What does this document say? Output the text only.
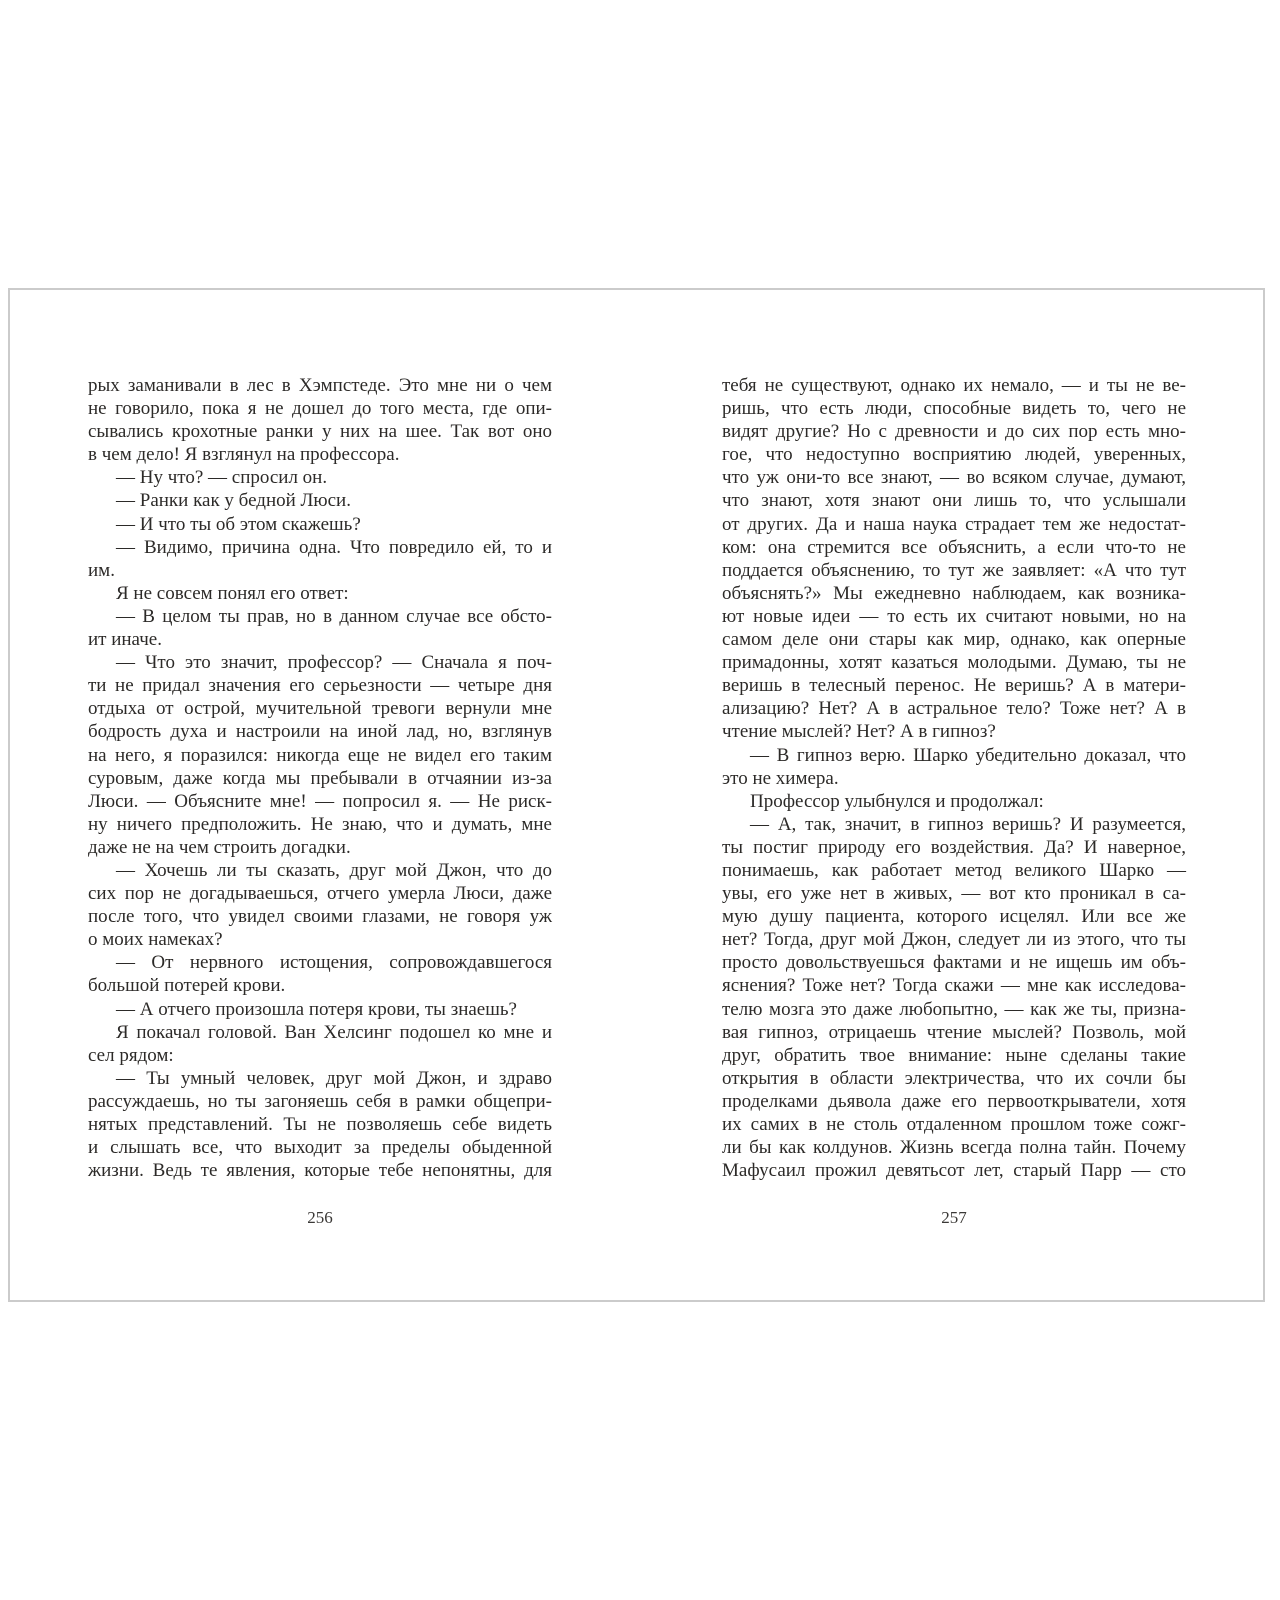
рых заманивали в лес в Хэмпстеде. Это мне ни о чем
не говорило, пока я не дошел до того места, где опи-
сывались крохотные ранки у них на шее. Так вот оно
в чем дело! Я взглянул на профессора.
— Ну что? — спросил он.
— Ранки как у бедной Люси.
— И что ты об этом скажешь?
— Видимо, причина одна. Что повредило ей, то и
им.
Я не совсем понял его ответ:
— В целом ты прав, но в данном случае все обсто-
ит иначе.
— Что это значит, профессор? — Сначала я поч-
ти не придал значения его серьезности — четыре дня
отдыха от острой, мучительной тревоги вернули мне
бодрость духа и настроили на иной лад, но, взглянув
на него, я поразился: никогда еще не видел его таким
суровым, даже когда мы пребывали в отчаянии из-за
Люси. — Объясните мне! — попросил я. — Не риск-
ну ничего предположить. Не знаю, что и думать, мне
даже не на чем строить догадки.
— Хочешь ли ты сказать, друг мой Джон, что до
сих пор не догадываешься, отчего умерла Люси, даже
после того, что увидел своими глазами, не говоря уж
о моих намеках?
— От нервного истощения, сопровождавшегося
большой потерей крови.
— А отчего произошла потеря крови, ты знаешь?
Я покачал головой. Ван Хелсинг подошел ко мне и
сел рядом:
— Ты умный человек, друг мой Джон, и здраво
рассуждаешь, но ты загоняешь себя в рамки общепри-
нятых представлений. Ты не позволяешь себе видеть
и слышать все, что выходит за пределы обыденной
жизни. Ведь те явления, которые тебе непонятны, для
тебя не существуют, однако их немало, — и ты не ве-
ришь, что есть люди, способные видеть то, чего не
видят другие? Но с древности и до сих пор есть мно-
гое, что недоступно восприятию людей, уверенных,
что уж они-то все знают, — во всяком случае, думают,
что знают, хотя знают они лишь то, что услышали
от других. Да и наша наука страдает тем же недостат-
ком: она стремится все объяснить, а если что-то не
поддается объяснению, то тут же заявляет: «А что тут
объяснять?» Мы ежедневно наблюдаем, как возника-
ют новые идеи — то есть их считают новыми, но на
самом деле они стары как мир, однако, как оперные
примадонны, хотят казаться молодыми. Думаю, ты не
веришь в телесный перенос. Не веришь? А в матери-
ализацию? Нет? А в астральное тело? Тоже нет? А в
чтение мыслей? Нет? А в гипноз?
— В гипноз верю. Шарко убедительно доказал, что
это не химера.
Профессор улыбнулся и продолжал:
— А, так, значит, в гипноз веришь? И разумеется,
ты постиг природу его воздействия. Да? И наверное,
понимаешь, как работает метод великого Шарко —
увы, его уже нет в живых, — вот кто проникал в са-
мую душу пациента, которого исцелял. Или все же
нет? Тогда, друг мой Джон, следует ли из этого, что ты
просто довольствуешься фактами и не ищешь им объ-
яснения? Тоже нет? Тогда скажи — мне как исследова-
телю мозга это даже любопытно, — как же ты, призна-
вая гипноз, отрицаешь чтение мыслей? Позволь, мой
друг, обратить твое внимание: ныне сделаны такие
открытия в области электричества, что их сочли бы
проделками дьявола даже его первооткрыватели, хотя
их самих в не столь отдаленном прошлом тоже сожг-
ли бы как колдунов. Жизнь всегда полна тайн. Почему
Мафусаил прожил девятьсот лет, старый Парр — сто
256	257
